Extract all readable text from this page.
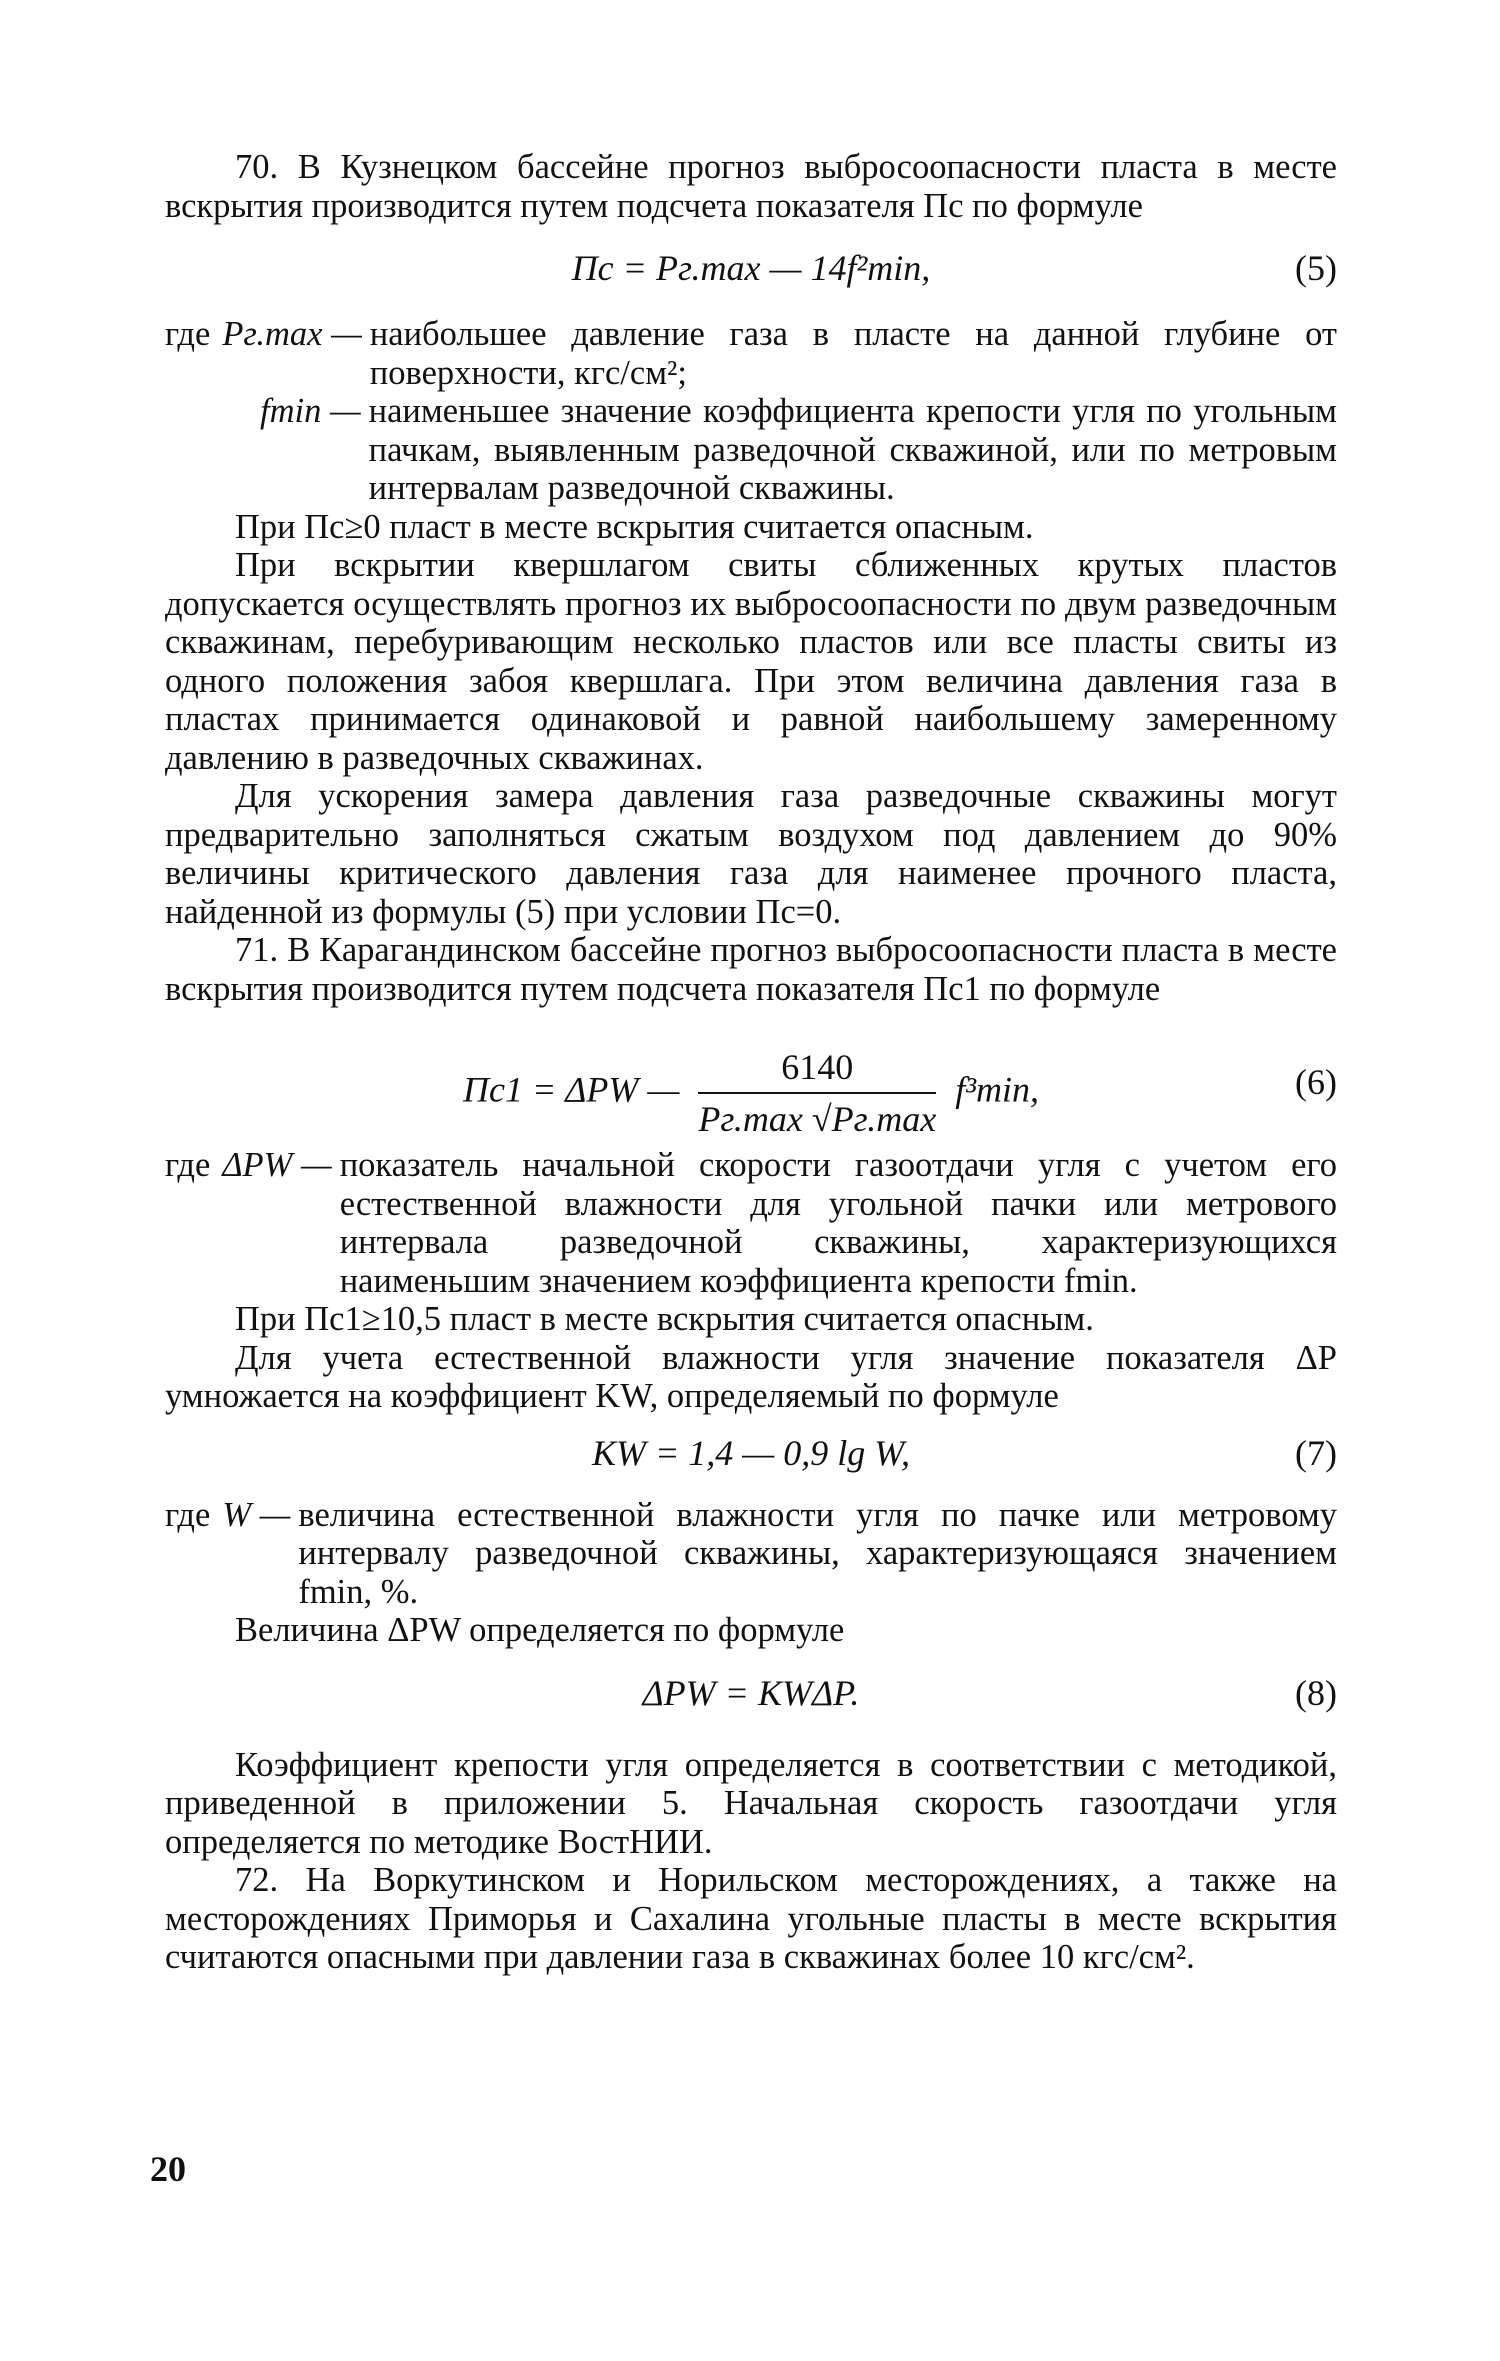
70. В Кузнецком бассейне прогноз выбросоопасности пласта в месте вскрытия производится путем подсчета показателя Пс по формуле

Пс = Pг.max — 14f²min,	(5)
где Pг.max — наибольшее давление газа в пласте на данной глубине от поверхности, кгс/см²;
fmin — наименьшее значение коэффициента крепости угля по угольным пачкам, выявленным разведочной скважиной, или по метровым интервалам разведочной скважины.

При Пс≥0 пласт в месте вскрытия считается опасным.

При вскрытии квершлагом свиты сближенных крутых пластов допускается осуществлять прогноз их выбросоопасности по двум разведочным скважинам, перебуривающим несколько пластов или все пласты свиты из одного положения забоя квершлага. При этом величина давления газа в пластах принимается одинаковой и равной наибольшему замеренному давлению в разведочных скважинах.

Для ускорения замера давления газа разведочные скважины могут предварительно заполняться сжатым воздухом под давлением до 90% величины критического давления газа для наименее прочного пласта, найденной из формулы (5) при условии Пс=0.

71. В Карагандинском бассейне прогноз выбросоопасности пласта в месте вскрытия производится путем подсчета показателя Пс1 по формуле

Пс1 = ΔPW — $\frac{6140}{Pг.\max √Pг.\max} f^3\min$,	(6)
где ΔPW — показатель начальной скорости газоотдачи угля с учетом его естественной влажности для угольной пачки или метрового интервала разведочной скважины, характеризующихся наименьшим значением коэффициента крепости fmin.

При Пс1≥10,5 пласт в месте вскрытия считается опасным.

Для учета естественной влажности угля значение показателя ΔP умножается на коэффициент KW, определяемый по формуле

KW = 1,4 — 0,9 lg W,	(7)
где W — величина естественной влажности угля по пачке или метровому интервалу разведочной скважины, характеризующаяся значением fmin, %.

Величина ΔPW определяется по формуле

ΔPW = KWΔP.	(8)

Коэффициент крепости угля определяется в соответствии с методикой, приведенной в приложении 5. Начальная скорость газоотдачи угля определяется по методике ВостНИИ.

72. На Воркутинском и Норильском месторождениях, а также на месторождениях Приморья и Сахалина угольные пласты в месте вскрытия считаются опасными при давлении газа в скважинах более 10 кгс/см².

20
